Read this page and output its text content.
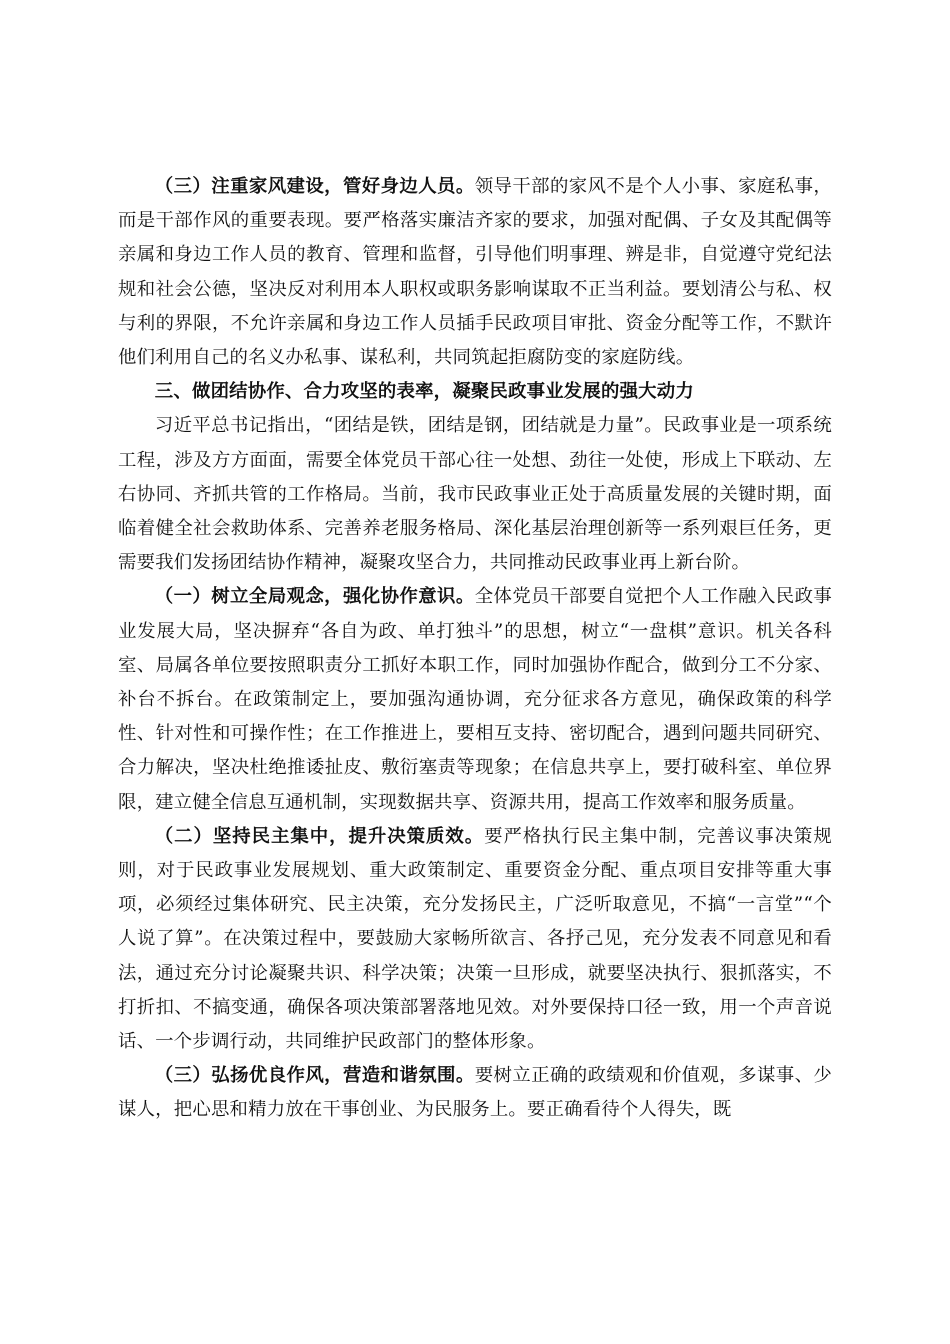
（三）注重家风建设，管好身边人员。领导干部的家风不是个人小事、家庭私事，而是干部作风的重要表现。要严格落实廉洁齐家的要求，加强对配偶、子女及其配偶等亲属和身边工作人员的教育、管理和监督，引导他们明事理、辨是非，自觉遵守党纪法规和社会公德，坚决反对利用本人职权或职务影响谋取不正当利益。要划清公与私、权与利的界限，不允许亲属和身边工作人员插手民政项目审批、资金分配等工作，不默许他们利用自己的名义办私事、谋私利，共同筑起拒腐防变的家庭防线。

三、做团结协作、合力攻坚的表率，凝聚民政事业发展的强大动力

习近平总书记指出，“团结是铁，团结是钢，团结就是力量”。民政事业是一项系统工程，涉及方方面面，需要全体党员干部心往一处想、劲往一处使，形成上下联动、左右协同、齐抓共管的工作格局。当前，我市民政事业正处于高质量发展的关键时期，面临着健全社会救助体系、完善养老服务格局、深化基层治理创新等一系列艰巨任务，更需要我们发扬团结协作精神，凝聚攻坚合力，共同推动民政事业再上新台阶。

（一）树立全局观念，强化协作意识。全体党员干部要自觉把个人工作融入民政事业发展大局，坚决摒弃“各自为政、单打独斗”的思想，树立“一盘棋”意识。机关各科室、局属各单位要按照职责分工抓好本职工作，同时加强协作配合，做到分工不分家、补台不拆台。在政策制定上，要加强沟通协调，充分征求各方意见，确保政策的科学性、针对性和可操作性；在工作推进上，要相互支持、密切配合，遇到问题共同研究、合力解决，坚决杜绝推诿扯皮、敷衍塞责等现象；在信息共享上，要打破科室、单位界限，建立健全信息互通机制，实现数据共享、资源共用，提高工作效率和服务质量。

（二）坚持民主集中，提升决策质效。要严格执行民主集中制，完善议事决策规则，对于民政事业发展规划、重大政策制定、重要资金分配、重点项目安排等重大事项，必须经过集体研究、民主决策，充分发扬民主，广泛听取意见，不搞“一言堂”“个人说了算”。在决策过程中，要鼓励大家畅所欲言、各抒己见，充分发表不同意见和看法，通过充分讨论凝聚共识、科学决策；决策一旦形成，就要坚决执行、狠抓落实，不打折扣、不搞变通，确保各项决策部署落地见效。对外要保持口径一致，用一个声音说话、一个步调行动，共同维护民政部门的整体形象。

（三）弘扬优良作风，营造和谐氛围。要树立正确的政绩观和价值观，多谋事、少谋人，把心思和精力放在干事创业、为民服务上。要正确看待个人得失，既
